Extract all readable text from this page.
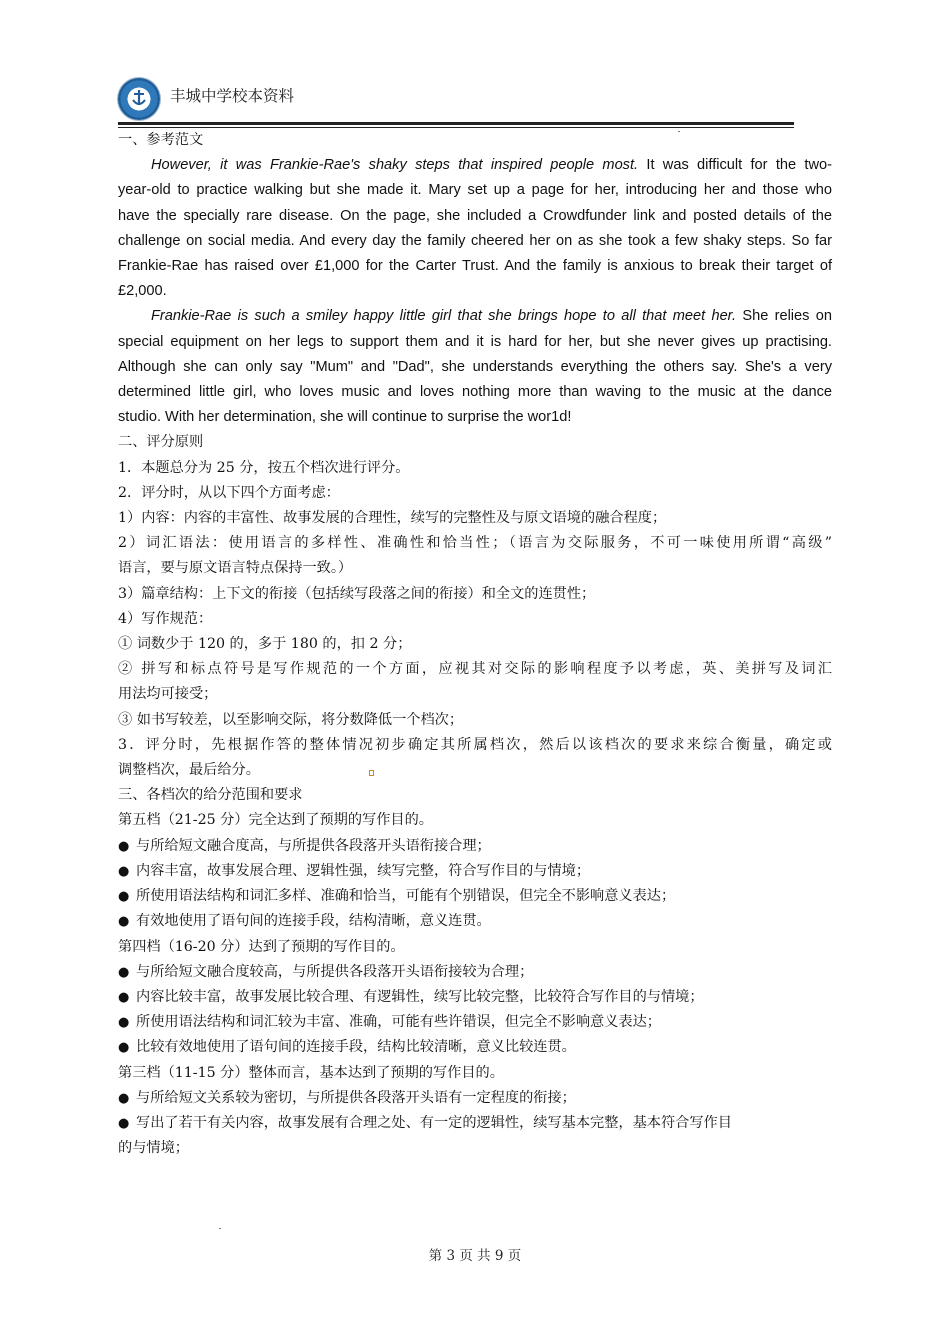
丰城中学校本资料

一、参考范文

However, it was Frankie-Rae's shaky steps that inspired people most. It was difficult for the two-

year-old to practice walking but she made it. Mary set up a page for her, introducing her and those who

have the specially rare disease. On the page, she included a Crowdfunder link and posted details of the

challenge on social media. And every day the family cheered her on as she took a few shaky steps. So far

Frankie-Rae has raised over £1,000 for the Carter Trust. And the family is anxious to break their target of

£2,000.

Frankie-Rae is such a smiley happy little girl that she brings hope to all that meet her. She relies on

special equipment on her legs to support them and it is hard for her, but she never gives up practising.

Although she can only say "Mum" and "Dad", she understands everything the others say. She's a very

determined little girl, who loves music and loves nothing more than waving to the music at the dance

studio. With her determination, she will continue to surprise the wor1d!

二、评分原则

1．本题总分为 25 分，按五个档次进行评分。

2．评分时，从以下四个方面考虑：

1）内容：内容的丰富性、故事发展的合理性，续写的完整性及与原文语境的融合程度；

2）词汇语法：使用语言的多样性、准确性和恰当性；（语言为交际服务，不可一味使用所谓“高级”

语言，要与原文语言特点保持一致。）

3）篇章结构：上下文的衔接（包括续写段落之间的衔接）和全文的连贯性；

4）写作规范：

① 词数少于 120 的，多于 180 的，扣 2 分；

② 拼写和标点符号是写作规范的一个方面，应视其对交际的影响程度予以考虑，英、美拼写及词汇

用法均可接受；

③ 如书写较差，以至影响交际，将分数降低一个档次；

3．评分时，先根据作答的整体情况初步确定其所属档次，然后以该档次的要求来综合衡量，确定或

调整档次，最后给分。

三、各档次的给分范围和要求

第五档（21-25 分）完全达到了预期的写作目的。

● 与所给短文融合度高，与所提供各段落开头语衔接合理；

● 内容丰富，故事发展合理、逻辑性强，续写完整，符合写作目的与情境；

● 所使用语法结构和词汇多样、准确和恰当，可能有个别错误，但完全不影响意义表达；

● 有效地使用了语句间的连接手段，结构清晰，意义连贯。

第四档（16-20 分）达到了预期的写作目的。

● 与所给短文融合度较高，与所提供各段落开头语衔接较为合理；

● 内容比较丰富，故事发展比较合理、有逻辑性，续写比较完整，比较符合写作目的与情境；

● 所使用语法结构和词汇较为丰富、准确，可能有些许错误，但完全不影响意义表达；

● 比较有效地使用了语句间的连接手段，结构比较清晰，意义比较连贯。

第三档（11-15 分）整体而言，基本达到了预期的写作目的。

● 与所给短文关系较为密切，与所提供各段落开头语有一定程度的衔接；

● 写出了若干有关内容，故事发展有合理之处、有一定的逻辑性，续写基本完整，基本符合写作目

的与情境；

第 3 页 共 9 页
